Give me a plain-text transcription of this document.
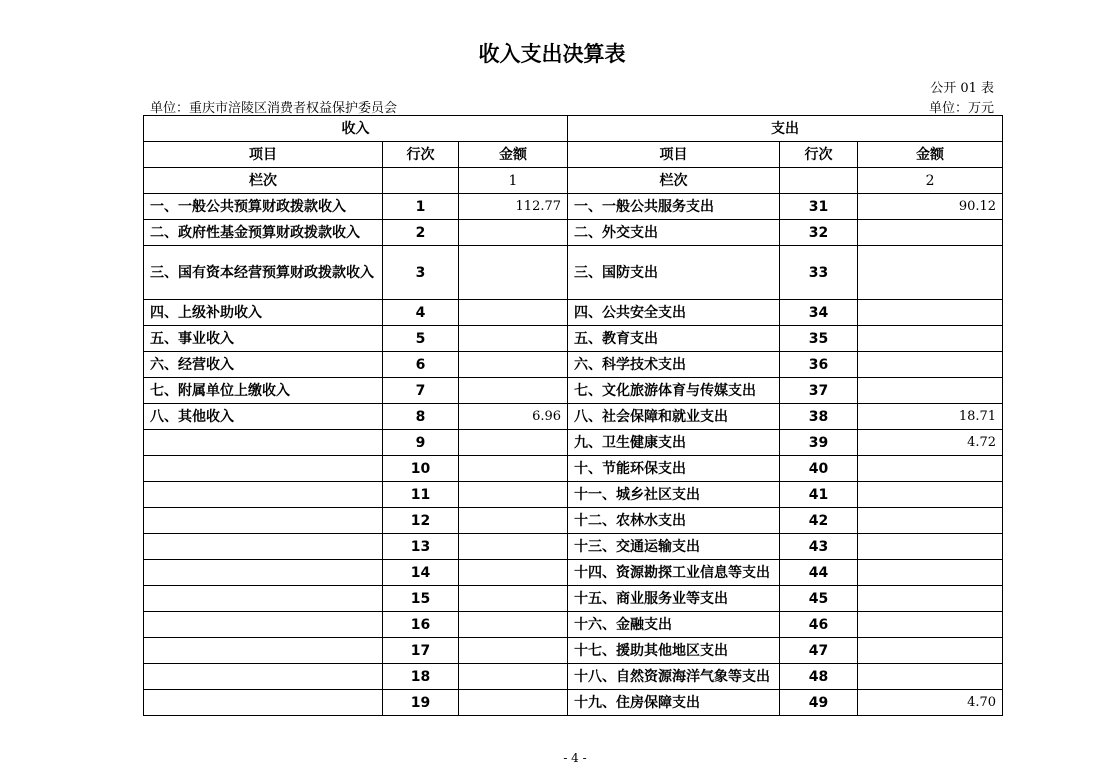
收入支出决算表
公开 01 表
单位：重庆市涪陵区消费者权益保护委员会	单位：万元
收入			支出		
项目	行次	金额	项目	行次	金额
栏次		1	栏次		2
一、一般公共预算财政拨款收入	1	112.77	一、一般公共服务支出	31	90.12
二、政府性基金预算财政拨款收入	2		二、外交支出	32	
三、国有资本经营预算财政拨款收入	3		三、国防支出	33	
四、上级补助收入	4		四、公共安全支出	34	
五、事业收入	5		五、教育支出	35	
六、经营收入	6		六、科学技术支出	36	
七、附属单位上缴收入	7		七、文化旅游体育与传媒支出	37	
八、其他收入	8	6.96	八、社会保障和就业支出	38	18.71
	9		九、卫生健康支出	39	4.72
	10		十、节能环保支出	40	
	11		十一、城乡社区支出	41	
	12		十二、农林水支出	42	
	13		十三、交通运输支出	43	
	14		十四、资源勘探工业信息等支出	44	
	15		十五、商业服务业等支出	45	
	16		十六、金融支出	46	
	17		十七、援助其他地区支出	47	
	18		十八、自然资源海洋气象等支出	48	
	19		十九、住房保障支出	49	4.70
- 4 -
